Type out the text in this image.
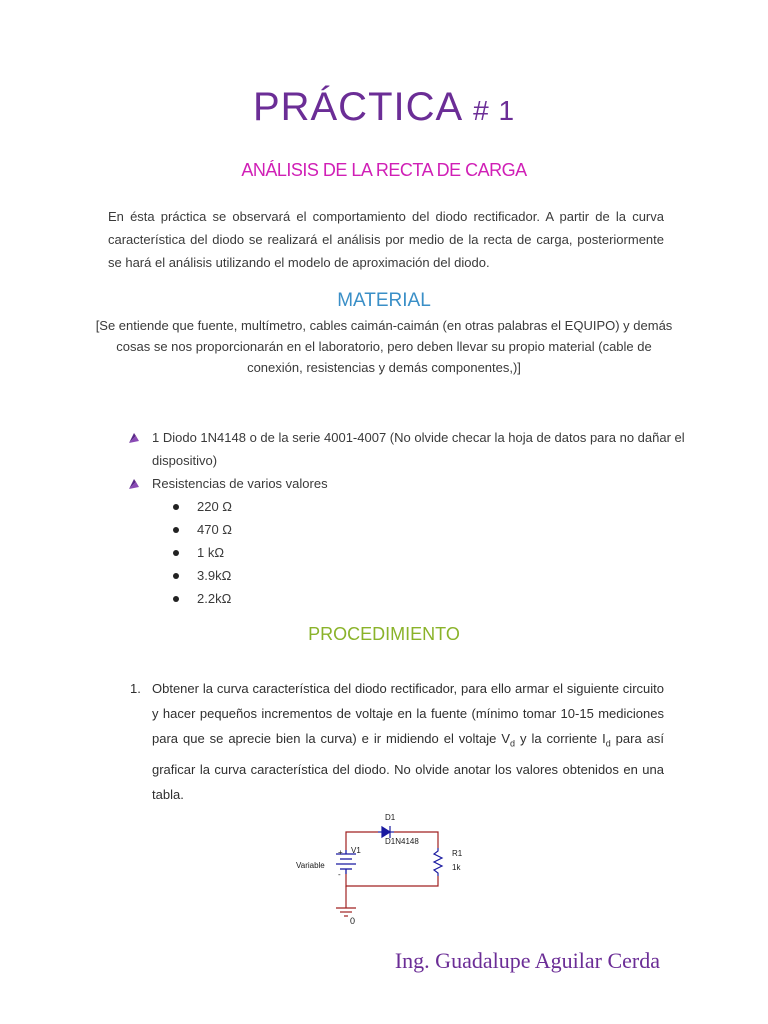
PRÁCTICA # 1
ANÁLISIS DE LA RECTA DE CARGA
En ésta práctica se observará el comportamiento del diodo rectificador. A partir de la curva característica del diodo se realizará el análisis por medio de la recta de carga, posteriormente se hará el análisis utilizando el modelo de aproximación del diodo.
MATERIAL
[Se entiende que fuente, multímetro, cables caimán-caimán (en otras palabras el EQUIPO) y demás cosas se nos proporcionarán en el laboratorio, pero deben llevar su propio material (cable de conexión, resistencias y demás componentes,)]
1 Diodo 1N4148 o de la serie 4001-4007 (No olvide checar la hoja de datos para no dañar el dispositivo)
Resistencias de varios valores
220 Ω
470 Ω
1 kΩ
3.9kΩ
2.2kΩ
PROCEDIMIENTO
1. Obtener la curva característica del diodo rectificador, para ello armar el siguiente circuito y hacer pequeños incrementos de voltaje en la fuente (mínimo tomar 10-15 mediciones para que se aprecie bien la curva) e ir midiendo el voltaje $V_d$ y la corriente $I_d$ para así graficar la curva característica del diodo. No olvide anotar los valores obtenidos en una tabla.
D1
D1N4148
V1
Variable
+
-
R1
1k
0
Ing. Guadalupe Aguilar Cerda
